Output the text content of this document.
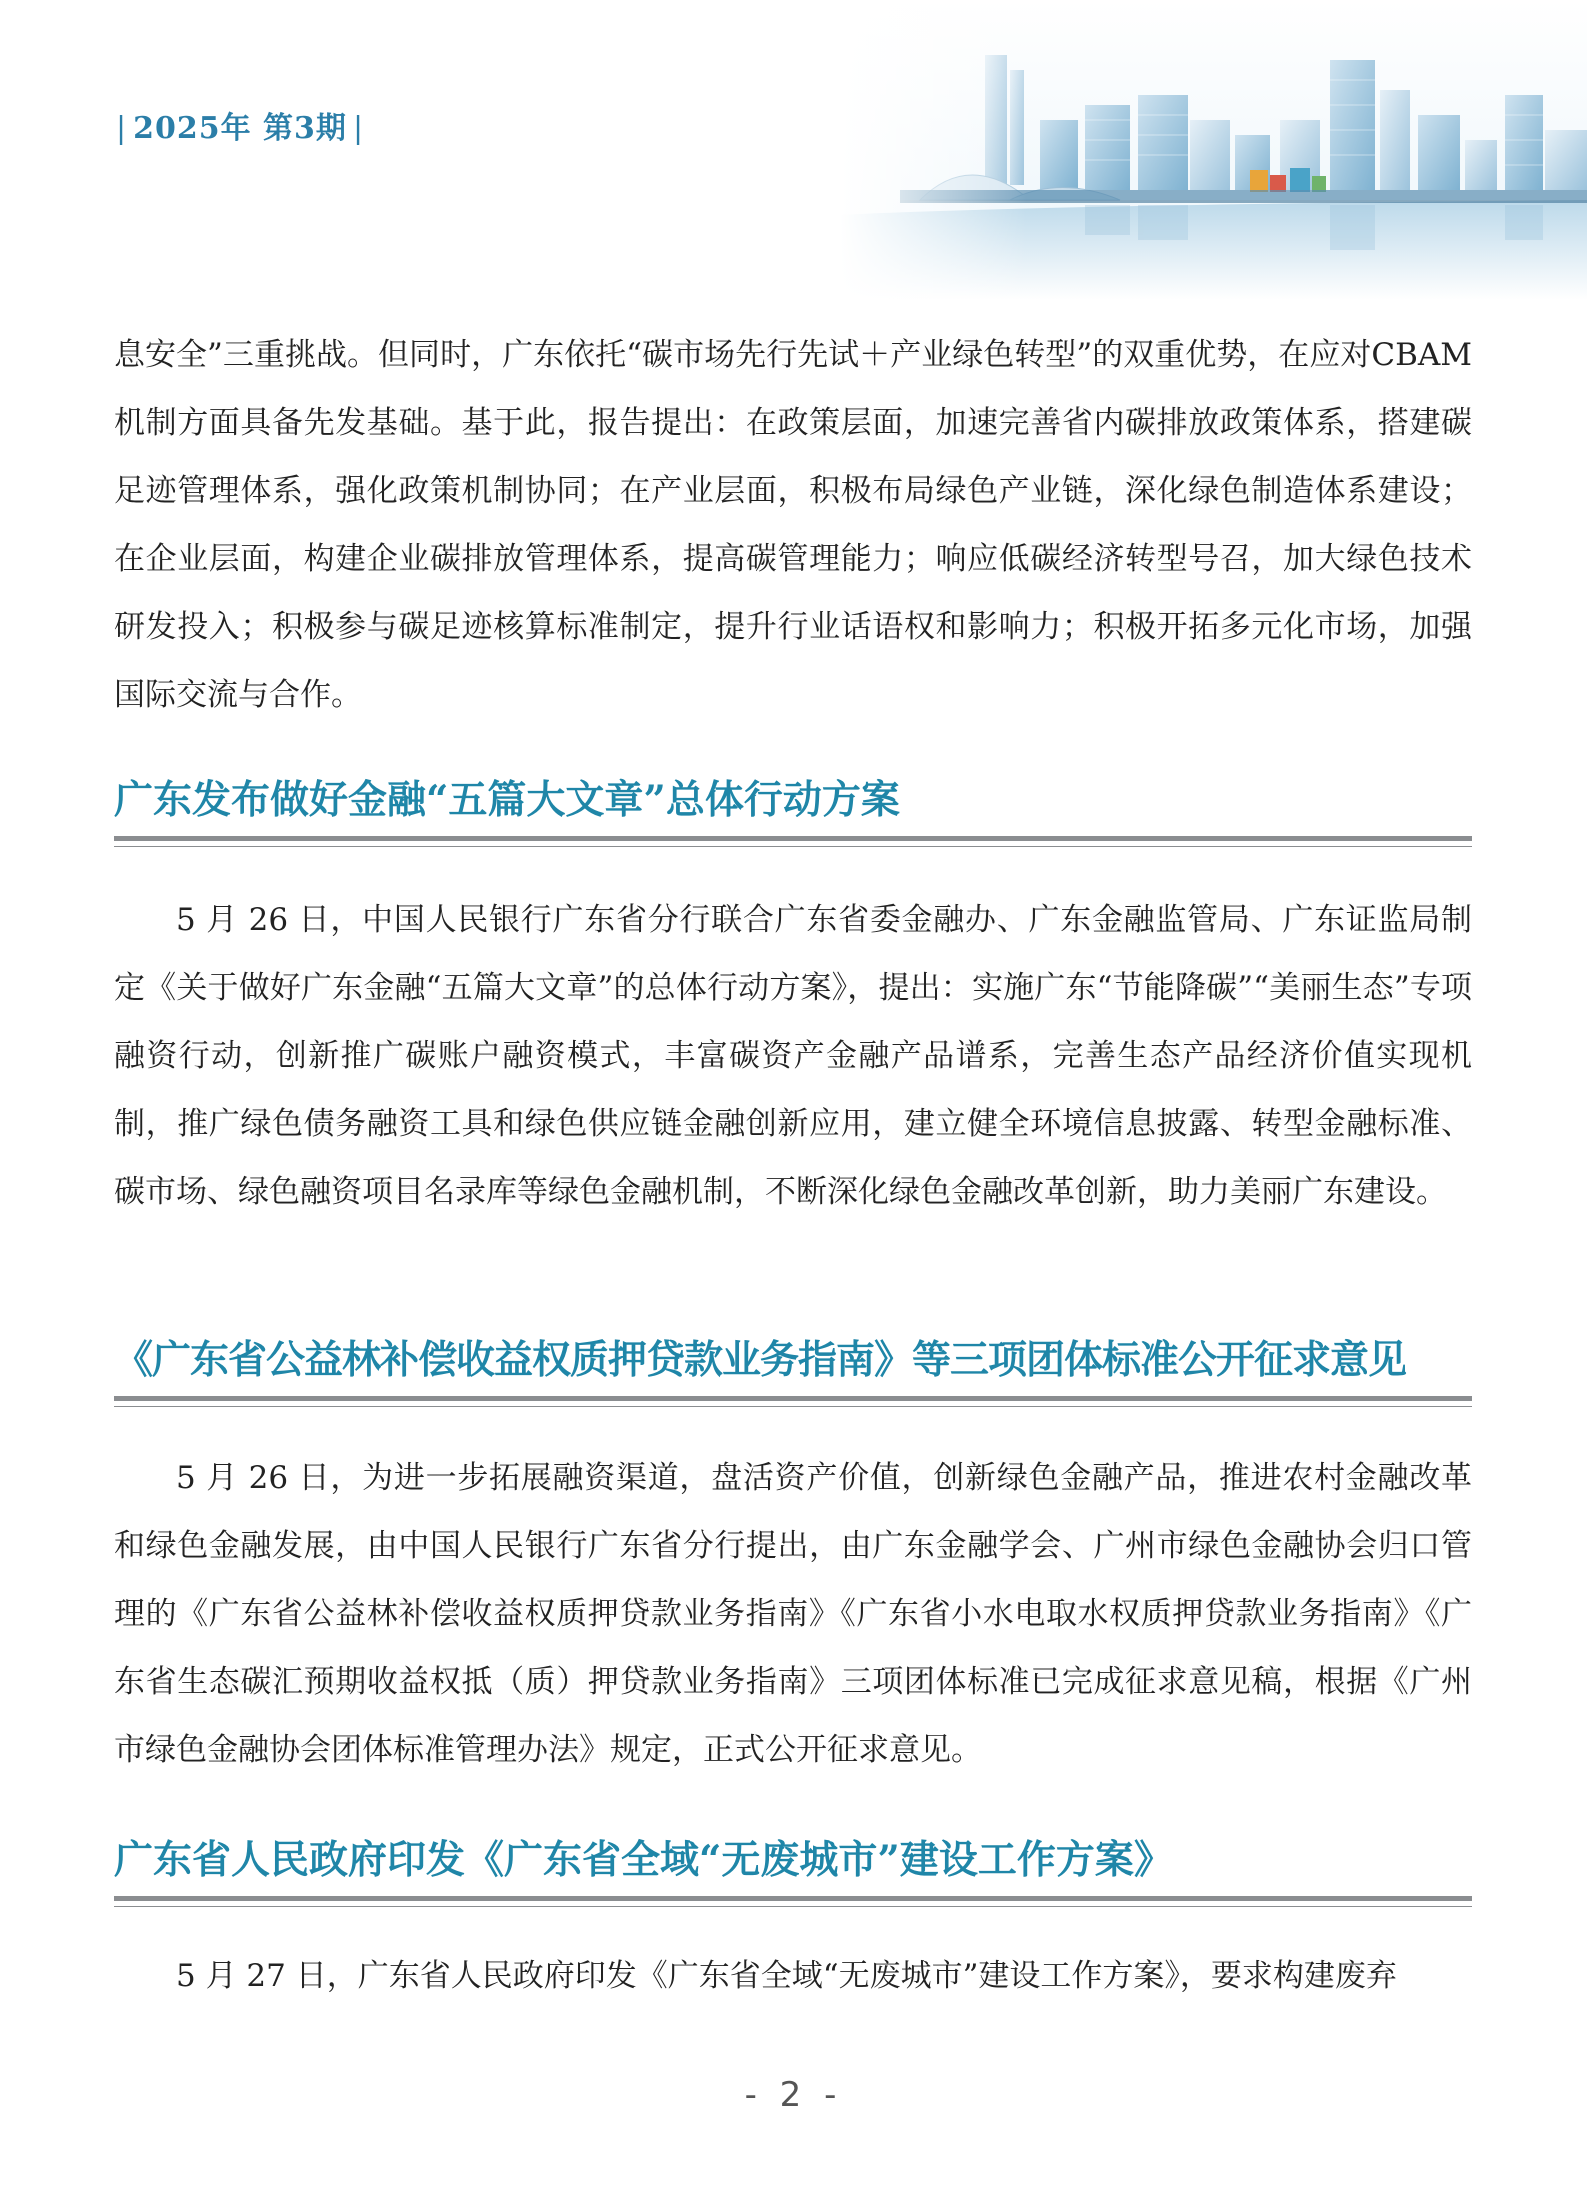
| 2025年 第3期 |

息安全”三重挑战。但同时，广东依托“碳市场先行先试＋产业绿色转型”的双重优势，在应对CBAM机制方面具备先发基础。基于此，报告提出：在政策层面，加速完善省内碳排放政策体系，搭建碳足迹管理体系，强化政策机制协同；在产业层面，积极布局绿色产业链，深化绿色制造体系建设；在企业层面，构建企业碳排放管理体系，提高碳管理能力；响应低碳经济转型号召，加大绿色技术研发投入；积极参与碳足迹核算标准制定，提升行业话语权和影响力；积极开拓多元化市场，加强国际交流与合作。

广东发布做好金融“五篇大文章”总体行动方案

5 月 26 日，中国人民银行广东省分行联合广东省委金融办、广东金融监管局、广东证监局制定《关于做好广东金融“五篇大文章”的总体行动方案》，提出：实施广东“节能降碳”“美丽生态”专项融资行动，创新推广碳账户融资模式，丰富碳资产金融产品谱系，完善生态产品经济价值实现机制，推广绿色债务融资工具和绿色供应链金融创新应用，建立健全环境信息披露、转型金融标准、碳市场、绿色融资项目名录库等绿色金融机制，不断深化绿色金融改革创新，助力美丽广东建设。

《广东省公益林补偿收益权质押贷款业务指南》等三项团体标准公开征求意见

5 月 26 日，为进一步拓展融资渠道，盘活资产价值，创新绿色金融产品，推进农村金融改革和绿色金融发展，由中国人民银行广东省分行提出，由广东金融学会、广州市绿色金融协会归口管理的《广东省公益林补偿收益权质押贷款业务指南》《广东省小水电取水权质押贷款业务指南》《广东省生态碳汇预期收益权抵（质）押贷款业务指南》三项团体标准已完成征求意见稿，根据《广州市绿色金融协会团体标准管理办法》规定，正式公开征求意见。

广东省人民政府印发《广东省全域“无废城市”建设工作方案》

5 月 27 日，广东省人民政府印发《广东省全域“无废城市”建设工作方案》，要求构建废弃

- 2 -
